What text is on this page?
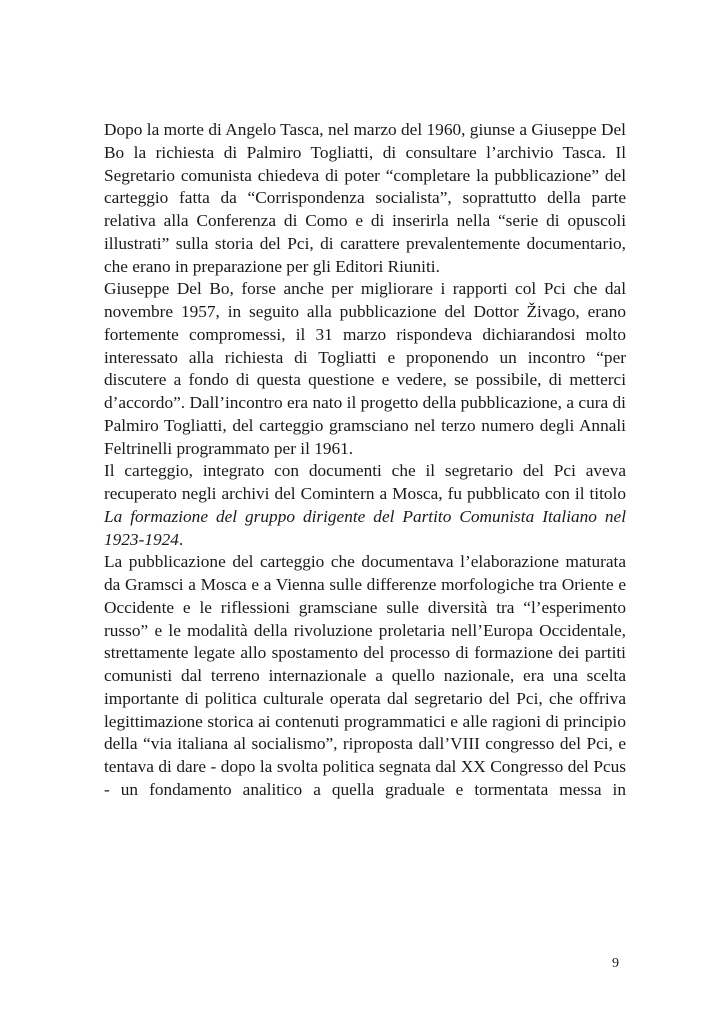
Dopo la morte di Angelo Tasca, nel marzo del 1960, giunse a Giuseppe Del Bo la richiesta di Palmiro Togliatti, di consultare l’archivio Tasca. Il Segretario comunista chiedeva di poter “completare la pubblicazione” del carteggio fatta da “Corrispondenza socialista”, soprattutto della parte relativa alla Conferenza di Como e di inserirla nella “serie di opuscoli illustrati” sulla storia del Pci, di carattere prevalentemente documentario, che erano in preparazione per gli Editori Riuniti.

Giuseppe Del Bo, forse anche per migliorare i rapporti col Pci che dal novembre 1957, in seguito alla pubblicazione del Dottor Živago, erano fortemente compromessi, il 31 marzo rispondeva dichiarandosi molto interessato alla richiesta di Togliatti e proponendo un incontro “per discutere a fondo di questa questione e vedere, se possibile, di metterci d’accordo”. Dall’incontro era nato il progetto della pubblicazione, a cura di Palmiro Togliatti, del carteggio gramsciano nel terzo numero degli Annali Feltrinelli programmato per il 1961.

Il carteggio, integrato con documenti che il segretario del Pci aveva recuperato negli archivi del Comintern a Mosca, fu pubblicato con il titolo La formazione del gruppo dirigente del Partito Comunista Italiano nel 1923-1924.

La pubblicazione del carteggio che documentava l’elaborazione maturata da Gramsci a Mosca e a Vienna sulle differenze morfologiche tra Oriente e Occidente e le riflessioni gramsciane sulle diversità tra “l’esperimento russo” e le modalità della rivoluzione proletaria nell’Europa Occidentale, strettamente legate allo spostamento del processo di formazione dei partiti comunisti dal terreno internazionale a quello nazionale, era una scelta importante di politica culturale operata dal segretario del Pci, che offriva legittimazione storica ai contenuti programmatici e alle ragioni di principio della “via italiana al socialismo”, riproposta dall’VIII congresso del Pci, e tentava di dare - dopo la svolta politica segnata dal XX Congresso del Pcus - un fondamento analitico a quella graduale e tormentata messa in

9
